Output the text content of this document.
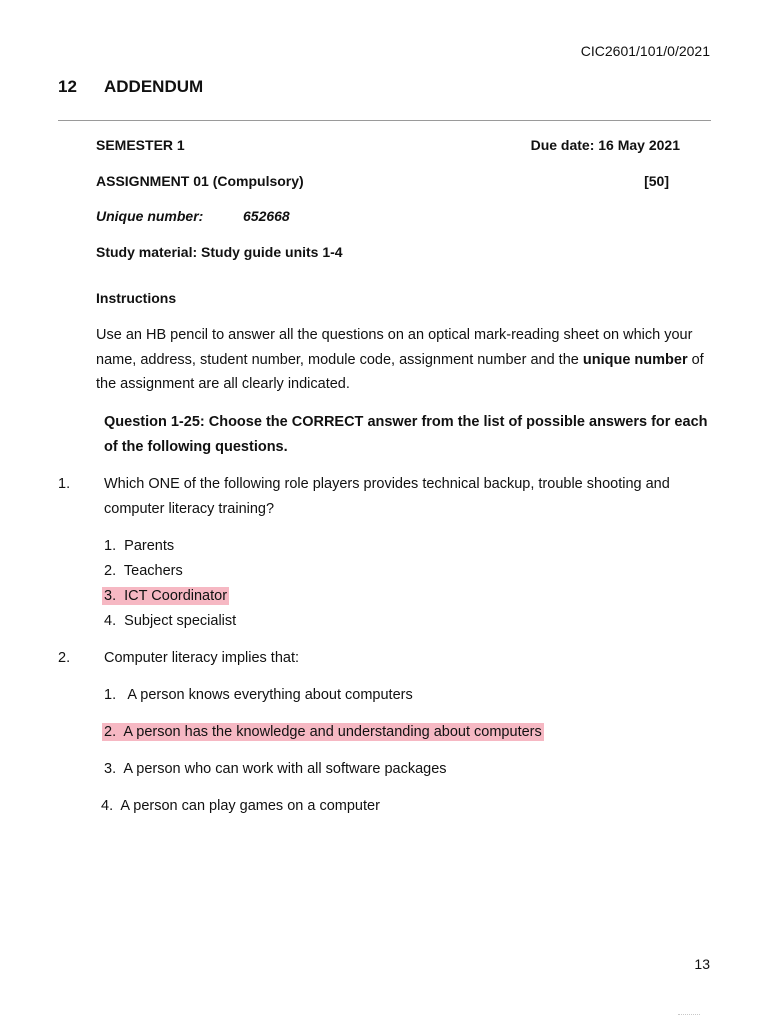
CIC2601/101/0/2021
12 ADDENDUM
SEMESTER 1	Due date: 16 May 2021
ASSIGNMENT 01 (Compulsory)	[50]
Unique number:	652668
Study material: Study guide units 1-4
Instructions
Use an HB pencil to answer all the questions on an optical mark-reading sheet on which your name, address, student number, module code, assignment number and the unique number of the assignment are all clearly indicated.
Question 1-25: Choose the CORRECT answer from the list of possible answers for each of the following questions.
1. Which ONE of the following role players provides technical backup, trouble shooting and computer literacy training?
1. Parents
2. Teachers
3. ICT Coordinator
4. Subject specialist
2. Computer literacy implies that:
1. A person knows everything about computers
2. A person has the knowledge and understanding about computers
3. A person who can work with all software packages
4. A person can play games on a computer
13
